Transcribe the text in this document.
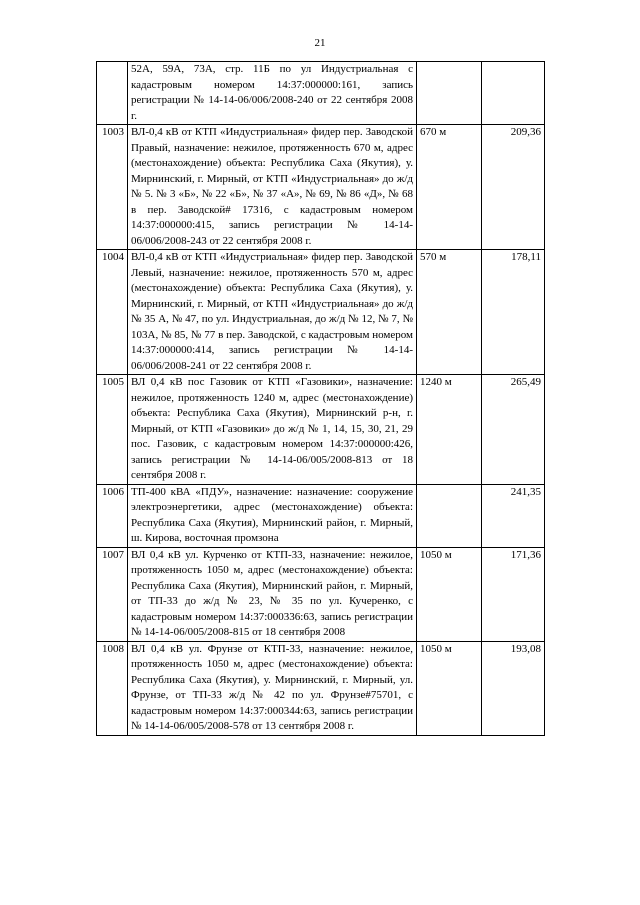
21
	52А, 59А, 73А, стр. 11Б по ул Индустриальная с кадастровым номером 14:37:000000:161, запись регистрации № 14-14-06/006/2008-240 от 22 сентября 2008 г.		
1003	ВЛ-0,4 кВ от КТП «Индустриальная» фидер пер. Заводской Правый, назначение: нежилое, протяженность 670 м, адрес (местонахождение) объекта: Республика Саха (Якутия), у. Мирнинский, г. Мирный, от КТП «Индустриальная» до ж/д № 5. № 3 «Б», № 22 «Б», № 37 «А», № 69, № 86 «Д», № 68 в пер. Заводской# 17316, с кадастровым номером 14:37:000000:415, запись регистрации № 14-14-06/006/2008-243 от 22 сентября 2008 г.	670 м	209,36
1004	ВЛ-0,4 кВ от КТП «Индустриальная» фидер пер. Заводской Левый, назначение: нежилое, протяженность 570 м, адрес (местонахождение) объекта: Республика Саха (Якутия), у. Мирнинский, г. Мирный, от КТП «Индустриальная» до ж/д № 35 А, № 47, по ул. Индустриальная, до ж/д № 12, № 7, № 103А, № 85, № 77 в пер. Заводской, с кадастровым номером 14:37:000000:414, запись регистрации № 14-14-06/006/2008-241 от 22 сентября 2008 г.	570 м	178,11
1005	ВЛ 0,4 кВ пос Газовик от КТП «Газовики», назначение: нежилое, протяженность 1240 м, адрес (местонахождение) объекта: Республика Саха (Якутия), Мирнинский р-н, г. Мирный, от КТП «Газовики» до ж/д № 1, 14, 15, 30, 21, 29 пос. Газовик, с кадастровым номером 14:37:000000:426, запись регистрации № 14-14-06/005/2008-813 от 18 сентября 2008 г.	1240 м	265,49
1006	ТП-400 кВА «ПДУ», назначение: назначение: сооружение электроэнергетики, адрес (местонахождение) объекта: Республика Саха (Якутия), Мирнинский район, г. Мирный, ш. Кирова, восточная промзона		241,35
1007	ВЛ 0,4 кВ ул. Курченко от КТП-33, назначение: нежилое, протяженность 1050 м, адрес (местонахождение) объекта: Республика Саха (Якутия), Мирнинский район, г. Мирный, от ТП-33 до ж/д № 23, № 35 по ул. Кучеренко, с кадастровым номером 14:37:000336:63, запись регистрации № 14-14-06/005/2008-815 от 18 сентября 2008	1050 м	171,36
1008	ВЛ 0,4 кВ ул. Фрунзе от КТП-33, назначение: нежилое, протяженность 1050 м, адрес (местонахождение) объекта: Республика Саха (Якутия), у. Мирнинский, г. Мирный, ул. Фрунзе, от ТП-33 ж/д № 42 по ул. Фрунзе#75701, с кадастровым номером 14:37:000344:63, запись регистрации № 14-14-06/005/2008-578 от 13 сентября 2008 г.	1050 м	193,08
